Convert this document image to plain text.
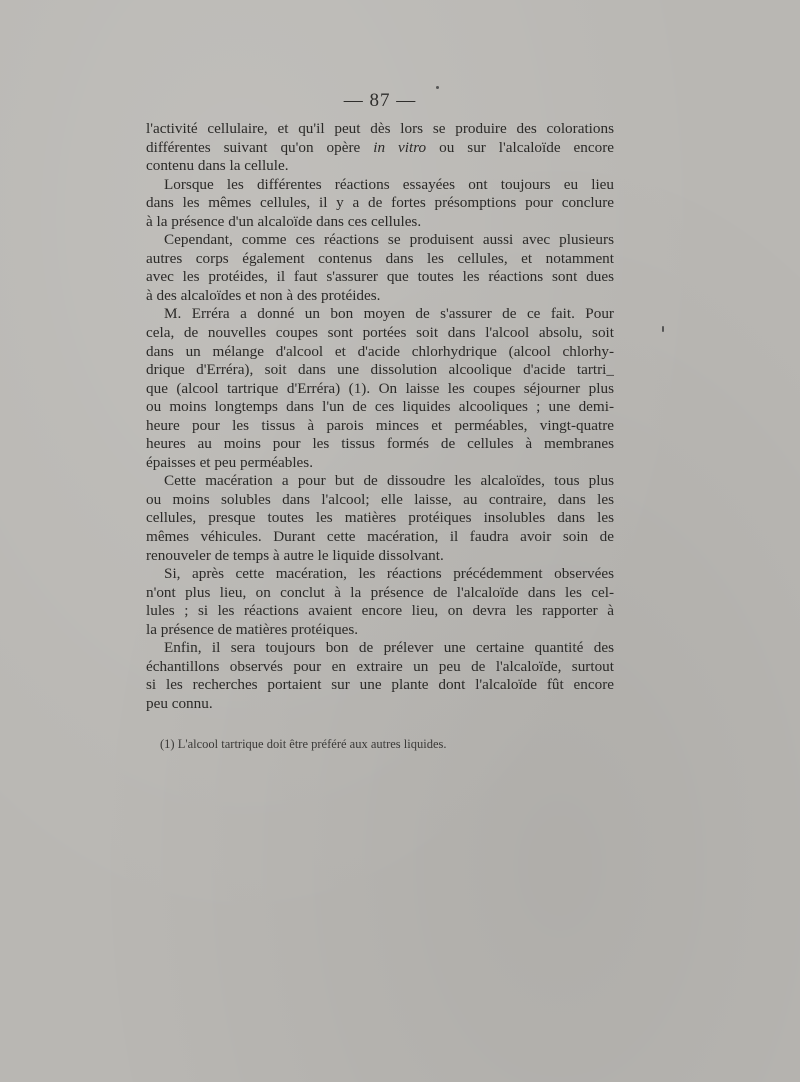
— 87 —
l'activité cellulaire, et qu'il peut dès lors se produire des colorations
différentes suivant qu'on opère in vitro ou sur l'alcaloïde encore
contenu dans la cellule.
Lorsque les différentes réactions essayées ont toujours eu lieu
dans les mêmes cellules, il y a de fortes présomptions pour conclure
à la présence d'un alcaloïde dans ces cellules.
Cependant, comme ces réactions se produisent aussi avec plusieurs
autres corps également contenus dans les cellules, et notamment
avec les protéides, il faut s'assurer que toutes les réactions sont dues
à des alcaloïdes et non à des protéides.
M. Erréra a donné un bon moyen de s'assurer de ce fait. Pour
cela, de nouvelles coupes sont portées soit dans l'alcool absolu, soit
dans un mélange d'alcool et d'acide chlorhydrique (alcool chlorhy-
drique d'Erréra), soit dans une dissolution alcoolique d'acide tartri_
que (alcool tartrique d'Erréra) (1). On laisse les coupes séjourner plus
ou moins longtemps dans l'un de ces liquides alcooliques ; une demi-
heure pour les tissus à parois minces et perméables, vingt-quatre
heures au moins pour les tissus formés de cellules à membranes
épaisses et peu perméables.
Cette macération a pour but de dissoudre les alcaloïdes, tous plus
ou moins solubles dans l'alcool; elle laisse, au contraire, dans les
cellules, presque toutes les matières protéiques insolubles dans les
mêmes véhicules. Durant cette macération, il faudra avoir soin de
renouveler de temps à autre le liquide dissolvant.
Si, après cette macération, les réactions précédemment observées
n'ont plus lieu, on conclut à la présence de l'alcaloïde dans les cel-
lules ; si les réactions avaient encore lieu, on devra les rapporter à
la présence de matières protéiques.
Enfin, il sera toujours bon de prélever une certaine quantité des
échantillons observés pour en extraire un peu de l'alcaloïde, surtout
si les recherches portaient sur une plante dont l'alcaloïde fût encore
peu connu.
(1) L'alcool tartrique doit être préféré aux autres liquides.
